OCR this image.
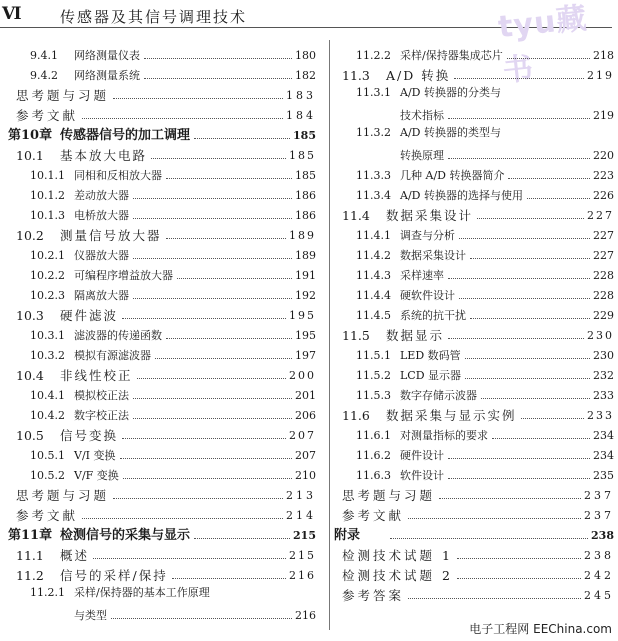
Ⅵ	传感器及其信号调理技术	tyu藏书
9.4.1	网络测量仪表	180
9.4.2	网络测量系统	182
思考题与习题	183
参考文献	184
第10章 传感器信号的加工调理	185
10.1	基本放大电路	185
10.1.1 同相和反相放大器	185
10.1.2 差动放大器	186
10.1.3 电桥放大器	186
10.2	测量信号放大器	189
10.2.1 仪器放大器	189
10.2.2 可编程序增益放大器	191
10.2.3 隔离放大器	192
10.3	硬件滤波	195
10.3.1 滤波器的传递函数	195
10.3.2 模拟有源滤波器	197
10.4	非线性校正	200
10.4.1 模拟校正法	201
10.4.2 数字校正法	206
10.5	信号变换	207
10.5.1 V/I 变换	207
10.5.2 V/F 变换	210
思考题与习题	213
参考文献	214
第11章 检测信号的采集与显示	215
11.1	概述	215
11.2	信号的采样/保持	216
11.2.1 采样/保持器的基本工作原理
与类型	216
11.2.2 采样/保持器集成芯片	218
11.3	A/D 转换	219
11.3.1 A/D 转换器的分类与
技术指标	219
11.3.2 A/D 转换器的类型与
转换原理	220
11.3.3 几种 A/D 转换器简介	223
11.3.4 A/D 转换器的选择与使用	226
11.4	数据采集设计	227
11.4.1 调查与分析	227
11.4.2 数据采集设计	227
11.4.3 采样速率	228
11.4.4 硬软件设计	228
11.4.5 系统的抗干扰	229
11.5	数据显示	230
11.5.1 LED 数码管	230
11.5.2 LCD 显示器	232
11.5.3 数字存储示波器	233
11.6	数据采集与显示实例	233
11.6.1 对测量指标的要求	234
11.6.2 硬件设计	234
11.6.3 软件设计	235
思考题与习题	237
参考文献	237
附录	238
检测技术试题 1	238
检测技术试题 2	242
参考答案	245
电子工程网 EEChina.com
